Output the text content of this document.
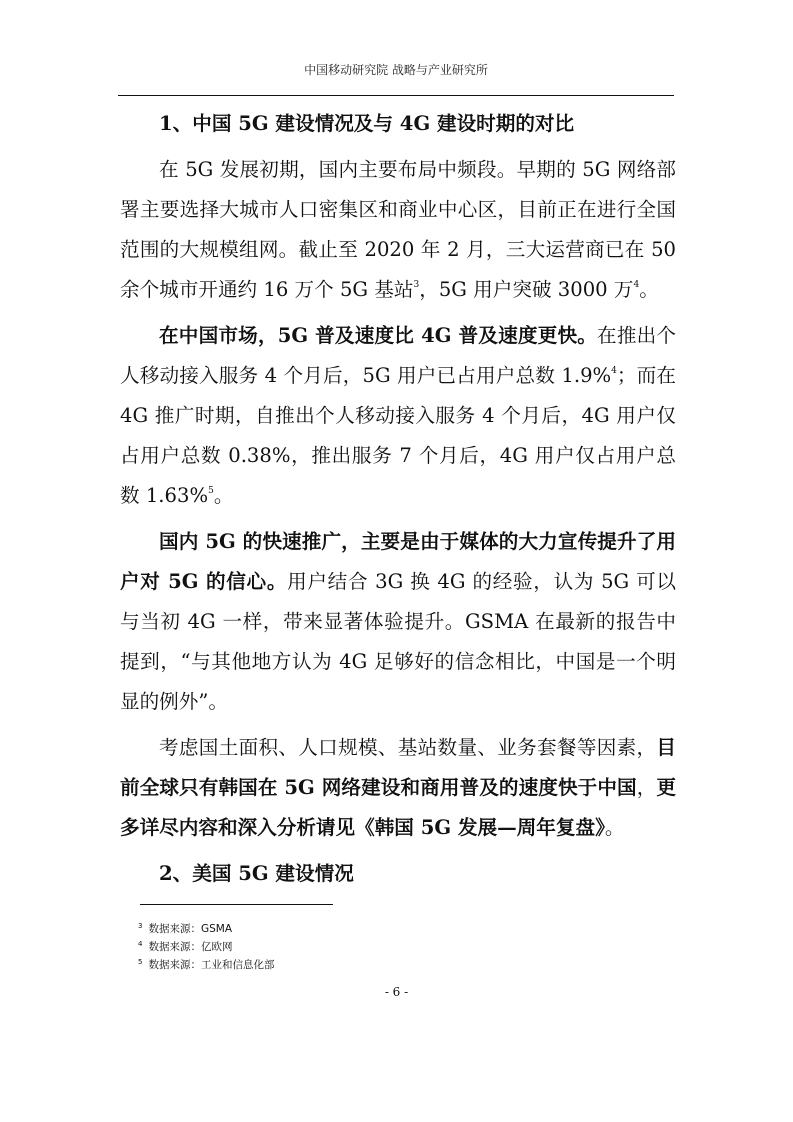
中国移动研究院 战略与产业研究所

1、中国 5G 建设情况及与 4G 建设时期的对比

在 5G 发展初期，国内主要布局中频段。早期的 5G 网络部署主要选择大城市人口密集区和商业中心区，目前正在进行全国范围的大规模组网。截止至 2020 年 2 月，三大运营商已在 50 余个城市开通约 16 万个 5G 基站$^3$，5G 用户突破 3000 万$^4$。

在中国市场，5G 普及速度比 4G 普及速度更快。在推出个人移动接入服务 4 个月后，5G 用户已占用户总数 1.9%$^4$；而在 4G 推广时期，自推出个人移动接入服务 4 个月后，4G 用户仅占用户总数 0.38%，推出服务 7 个月后，4G 用户仅占用户总数 1.63%$^5$。

国内 5G 的快速推广，主要是由于媒体的大力宣传提升了用户对 5G 的信心。用户结合 3G 换 4G 的经验，认为 5G 可以与当初 4G 一样，带来显著体验提升。GSMA 在最新的报告中提到，“与其他地方认为 4G 足够好的信念相比，中国是一个明显的例外”。

考虑国土面积、人口规模、基站数量、业务套餐等因素，目前全球只有韩国在 5G 网络建设和商用普及的速度快于中国，更多详尽内容和深入分析请见《韩国 5G 发展—周年复盘》。

2、美国 5G 建设情况

$^3$ 数据来源：GSMA
$^4$ 数据来源：亿欧网
$^5$ 数据来源：工业和信息化部
- 6 -
